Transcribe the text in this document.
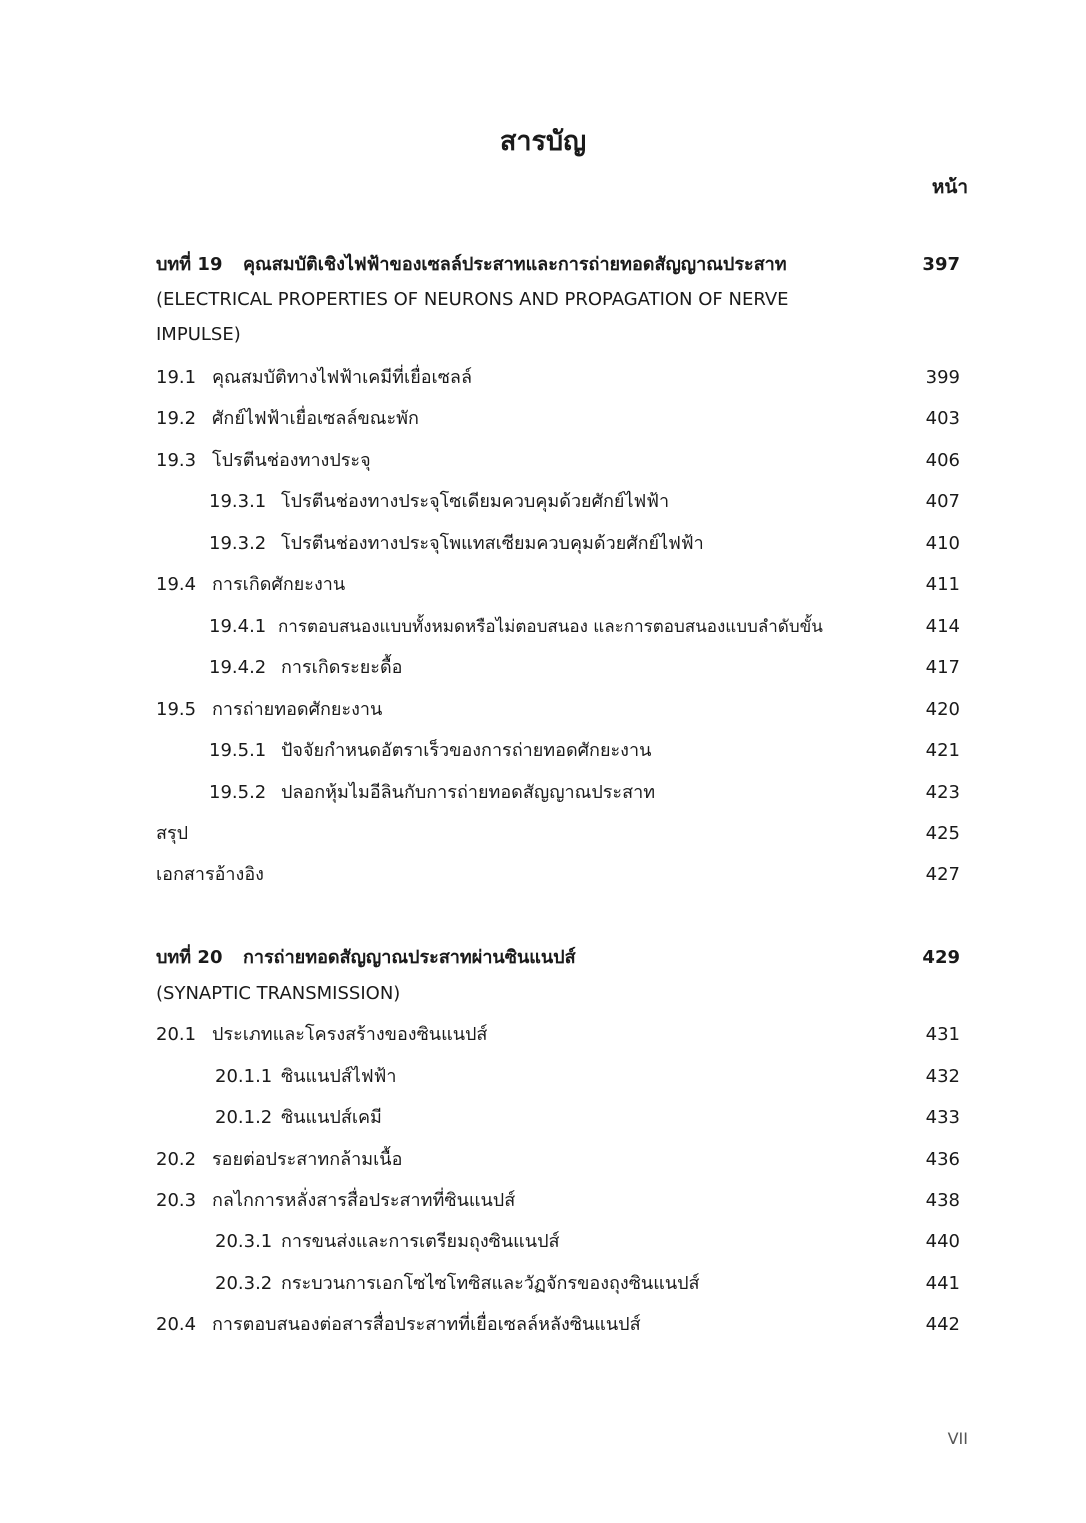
สารบัญ
หน้า
บทที่ 19 คุณสมบัติเชิงไฟฟ้าของเซลล์ประสาทและการถ่ายทอดสัญญาณประสาท	397
(ELECTRICAL PROPERTIES OF NEURONS AND PROPAGATION OF NERVE
IMPULSE)
19.1 คุณสมบัติทางไฟฟ้าเคมีที่เยื่อเซลล์	399
19.2 ศักย์ไฟฟ้าเยื่อเซลล์ขณะพัก	403
19.3 โปรตีนช่องทางประจุ	406
19.3.1 โปรตีนช่องทางประจุโซเดียมควบคุมด้วยศักย์ไฟฟ้า	407
19.3.2 โปรตีนช่องทางประจุโพแทสเซียมควบคุมด้วยศักย์ไฟฟ้า	410
19.4 การเกิดศักยะงาน	411
19.4.1 การตอบสนองแบบทั้งหมดหรือไม่ตอบสนอง และการตอบสนองแบบลำดับขั้น	414
19.4.2 การเกิดระยะดื้อ	417
19.5 การถ่ายทอดศักยะงาน	420
19.5.1 ปัจจัยกำหนดอัตราเร็วของการถ่ายทอดศักยะงาน	421
19.5.2 ปลอกหุ้มไมอีลินกับการถ่ายทอดสัญญาณประสาท	423
สรุป	425
เอกสารอ้างอิง	427
บทที่ 20 การถ่ายทอดสัญญาณประสาทผ่านซินแนปส์	429
(SYNAPTIC TRANSMISSION)
20.1 ประเภทและโครงสร้างของซินแนปส์	431
20.1.1 ซินแนปส์ไฟฟ้า	432
20.1.2 ซินแนปส์เคมี	433
20.2 รอยต่อประสาทกล้ามเนื้อ	436
20.3 กลไกการหลั่งสารสื่อประสาทที่ซินแนปส์	438
20.3.1 การขนส่งและการเตรียมถุงซินแนปส์	440
20.3.2 กระบวนการเอกโซไซโทซิสและวัฏจักรของถุงซินแนปส์	441
20.4 การตอบสนองต่อสารสื่อประสาทที่เยื่อเซลล์หลังซินแนปส์	442
VII
